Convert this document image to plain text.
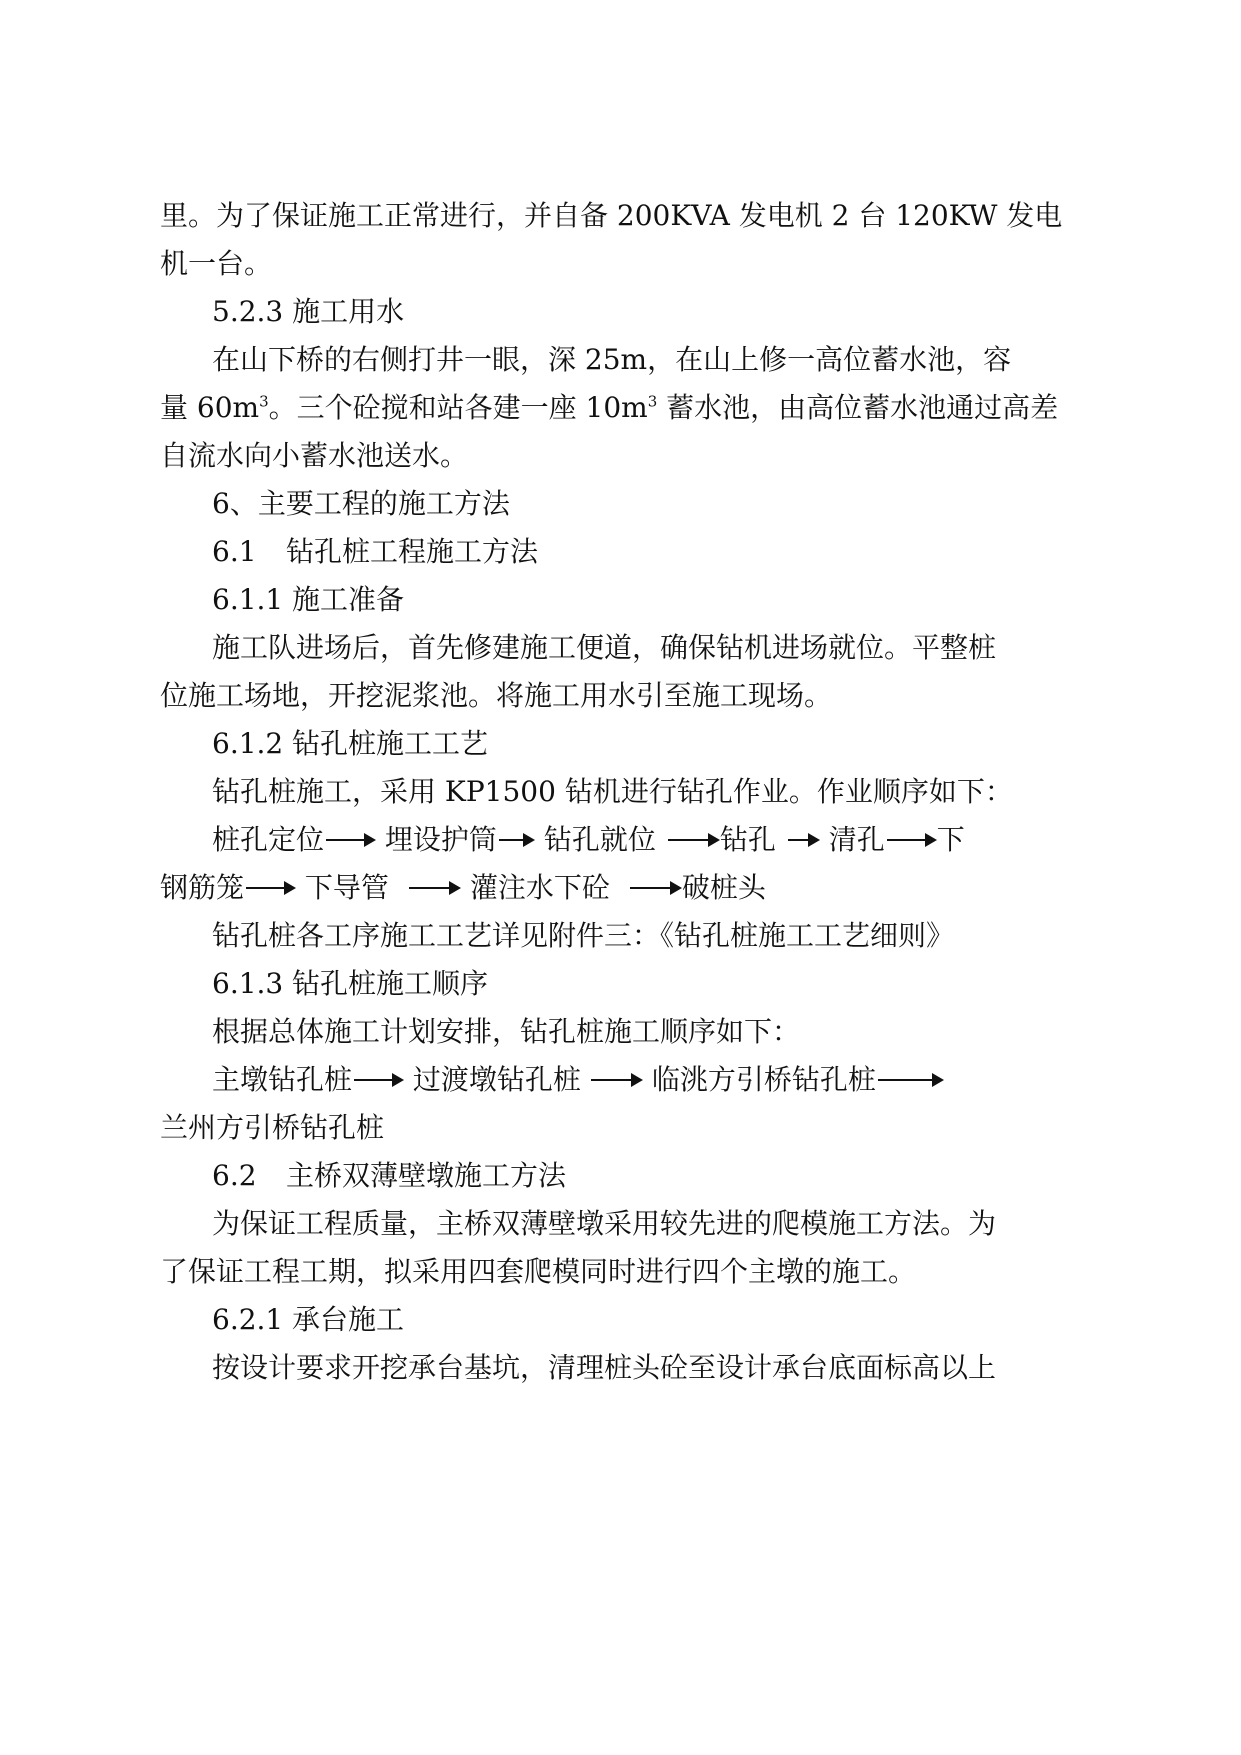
里。为了保证施工正常进行，并自备 200KVA 发电机 2 台 120KW 发电
机一台。
5.2.3 施工用水
在山下桥的右侧打井一眼，深 25m，在山上修一高位蓄水池，容
量 $60m^3$。三个砼搅和站各建一座 $10m^3$ 蓄水池，由高位蓄水池通过高差
自流水向小蓄水池送水。
6、主要工程的施工方法
6.1 钻孔桩工程施工方法
6.1.1 施工准备
施工队进场后，首先修建施工便道，确保钻机进场就位。平整桩
位施工场地，开挖泥浆池。将施工用水引至施工现场。
6.1.2 钻孔桩施工工艺
钻孔桩施工，采用 KP1500 钻机进行钻孔作业。作业顺序如下：
桩孔定位 埋设护筒 钻孔就位 钻孔 清孔 下
钢筋笼 下导管	灌注水下砼	破桩头
钻孔桩各工序施工工艺详见附件三：《钻孔桩施工工艺细则》
6.1.3 钻孔桩施工顺序
根据总体施工计划安排，钻孔桩施工顺序如下：
主墩钻孔桩 过渡墩钻孔桩	临洮方引桥钻孔桩
兰州方引桥钻孔桩
6.2 主桥双薄壁墩施工方法
为保证工程质量，主桥双薄壁墩采用较先进的爬模施工方法。为
了保证工程工期，拟采用四套爬模同时进行四个主墩的施工。
6.2.1 承台施工
按设计要求开挖承台基坑，清理桩头砼至设计承台底面标高以上
